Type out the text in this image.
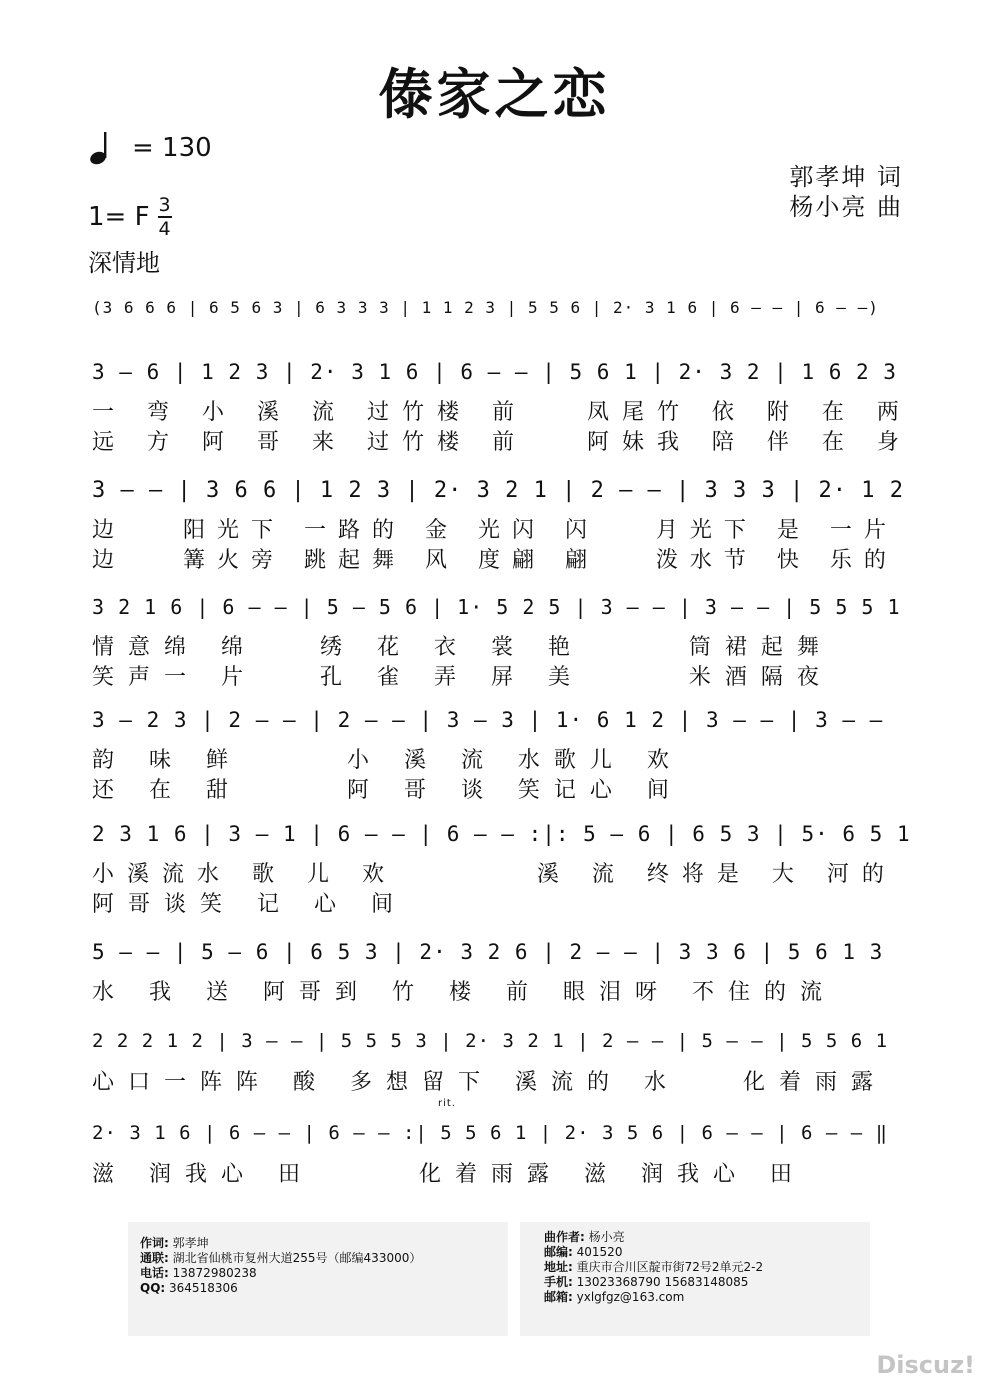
傣家之恋
= 130
1= F 3
4
深情地
郭孝坤 词
杨小亮 曲
rit.
(3 6 6 6 | 6 5 6 3 | 6 3 3 3 | 1 1 2 3 | 5 5 6 | 2· 3 1 6 | 6 — — | 6 — —)
3 — 6 | 1 2 3 | 2· 3 1 6 | 6 — — | 5 6 1 | 2· 3 2 | 1 6 2 3
一 弯 小 溪 流 过竹楼 前   凤尾竹 依 附 在 两
远 方 阿 哥 来 过竹楼 前   阿妹我 陪 伴 在 身
3 — — | 3 6 6 | 1 2 3 | 2· 3 2 1 | 2 — — | 3 3 3 | 2· 1 2
边   阳光下 一路的 金 光闪 闪   月光下 是 一片
边   篝火旁 跳起舞 风 度翩 翩   泼水节 快 乐的
3 2 1 6 | 6 — — | 5 — 5 6 | 1· 5 2 5 | 3 — — | 3 — — | 5 5 5 1
情意绵 绵   绣 花 衣 裳 艳     筒裙起舞
笑声一 片   孔 雀 弄 屏 美     米酒隔夜
3 — 2 3 | 2 — — | 2 — — | 3 — 3 | 1· 6 1 2 | 3 — — | 3 — —
韵 味 鲜     小 溪 流 水歌儿 欢
还 在 甜     阿 哥 谈 笑记心 间
2 3 1 6 | 3 — 1 | 6 — — | 6 — — :|: 5 — 6 | 6 5 3 | 5· 6 5 1
小溪流水 歌 儿 欢       溪 流 终将是 大 河的
阿哥谈笑 记 心 间
5 — — | 5 — 6 | 6 5 3 | 2· 3 2 6 | 2 — — | 3 3 6 | 5 6 1 3
水 我 送 阿哥到 竹 楼 前 眼泪呀 不住的流
2 2 2 1 2 | 3 — — | 5 5 5 3 | 2· 3 2 1 | 2 — — | 5 — — | 5 5 6 1
心口一阵阵 酸 多想留下 溪流的 水   化着雨露
2· 3 1 6 | 6 — — | 6 — — :| 5 5 6 1 | 2· 3 5 6 | 6 — — | 6 — — ‖
滋 润我心 田     化着雨露 滋 润我心 田
作词: 郭孝坤
通联: 湖北省仙桃市复州大道255号（邮编433000）
电话: 13872980238
QQ: 364518306
曲作者: 杨小亮
邮编: 401520
地址: 重庆市合川区靛市街72号2单元2-2
手机: 13023368790 15683148085
邮箱: yxlgfgz@163.com
Discuz!
